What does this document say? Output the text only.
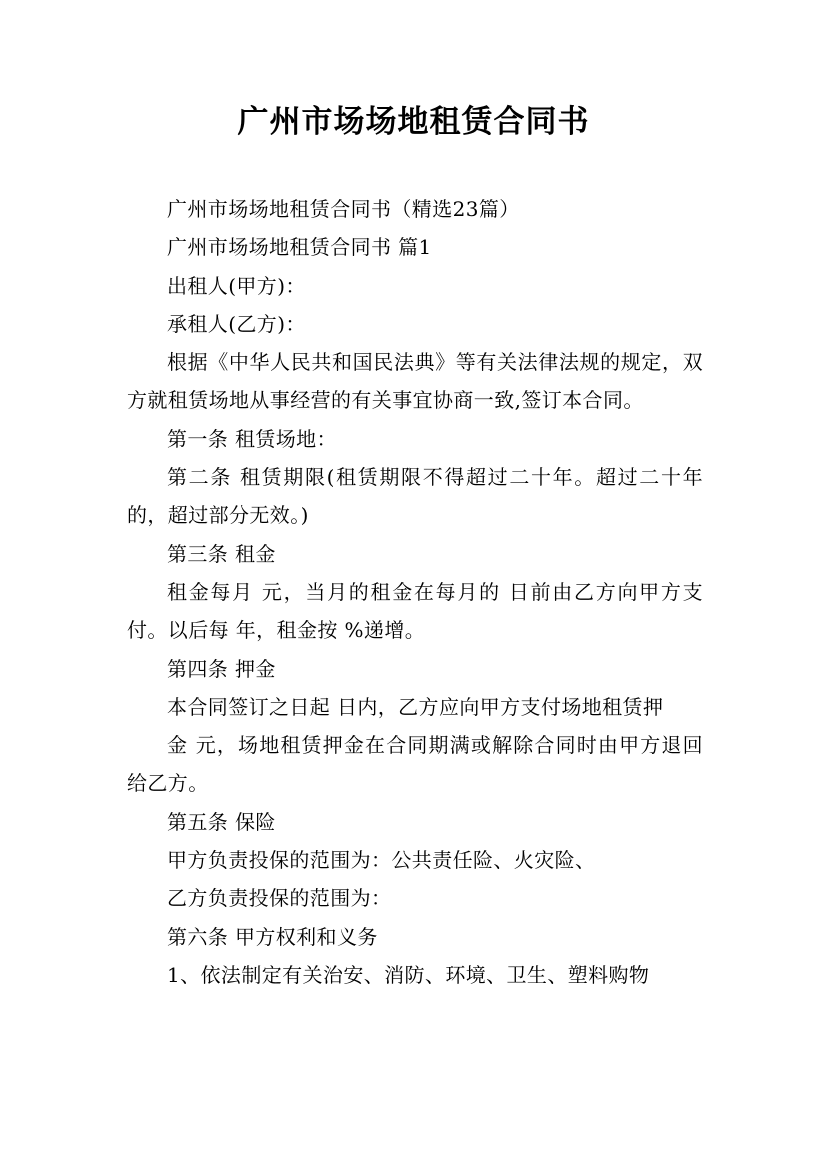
广州市场场地租赁合同书

广州市场场地租赁合同书（精选23篇）

广州市场场地租赁合同书 篇1

出租人(甲方)：

承租人(乙方)：

根据《中华人民共和国民法典》等有关法律法规的规定，双方就租赁场地从事经营的有关事宜协商一致,签订本合同。

第一条 租赁场地：

第二条 租赁期限(租赁期限不得超过二十年。超过二十年的，超过部分无效。)

第三条 租金

租金每月 元，当月的租金在每月的 日前由乙方向甲方支付。以后每 年，租金按 %递增。

第四条 押金

本合同签订之日起 日内，乙方应向甲方支付场地租赁押

金 元，场地租赁押金在合同期满或解除合同时由甲方退回给乙方。

第五条 保险

甲方负责投保的范围为：公共责任险、火灾险、

乙方负责投保的范围为：

第六条 甲方权利和义务

1、依法制定有关治安、消防、环境、卫生、塑料购物
